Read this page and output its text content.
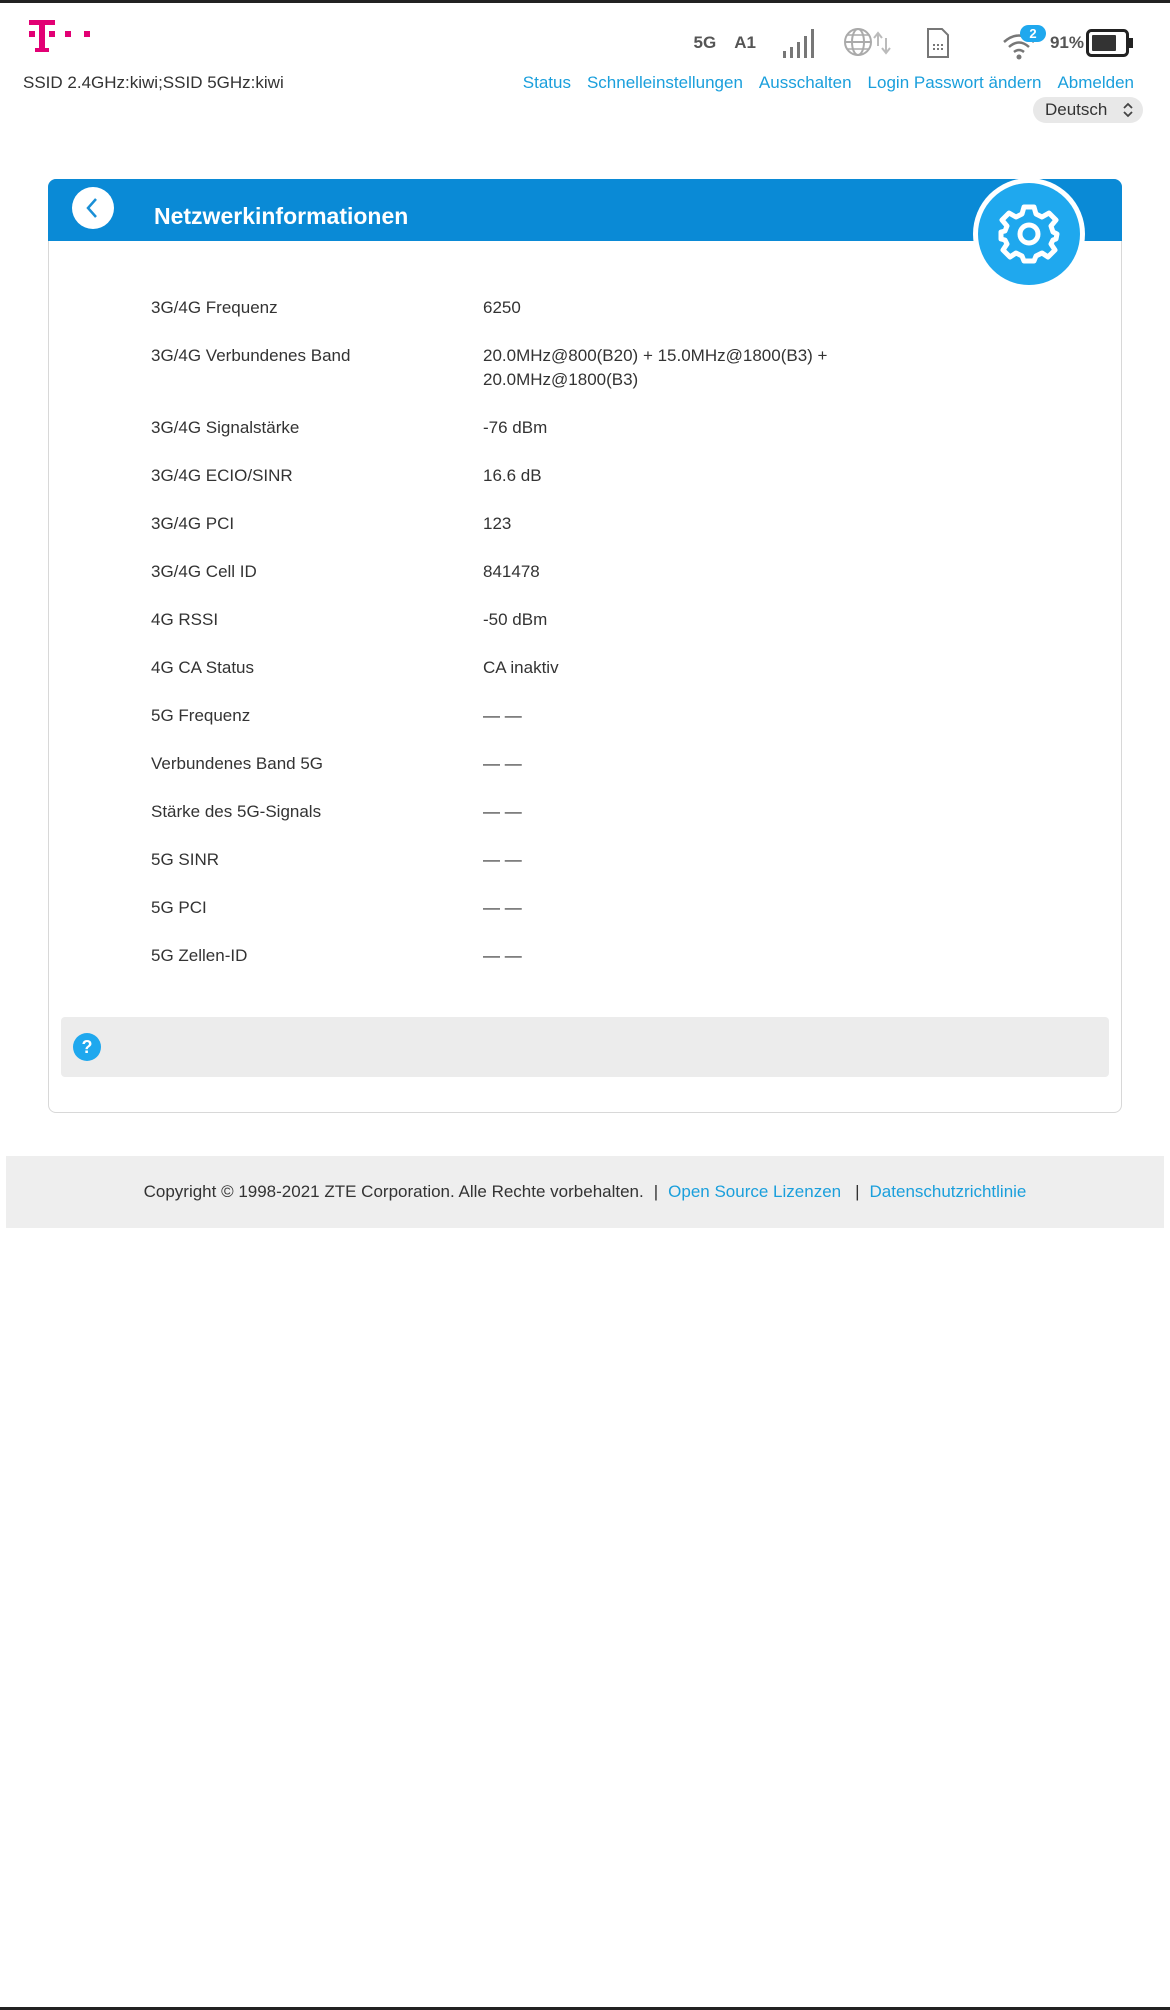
5G A1	2 91%
SSID 2.4GHz:kiwi;SSID 5GHz:kiwi	Status Schnelleinstellungen Ausschalten Login Passwort ändern Abmelden
Deutsch
Netzwerkinformationen
3G/4G Frequenz	6250
3G/4G Verbundenes Band	20.0MHz@800(B20) + 15.0MHz@1800(B3) + 20.0MHz@1800(B3)
3G/4G Signalstärke	-76 dBm
3G/4G ECIO/SINR	16.6 dB
3G/4G PCI	123
3G/4G Cell ID	841478
4G RSSI	-50 dBm
4G CA Status	CA inaktiv
5G Frequenz	— —
Verbundenes Band 5G	— —
Stärke des 5G-Signals	— —
5G SINR	— —
5G PCI	— —
5G Zellen-ID	— —
?
Copyright © 1998-2021 ZTE Corporation. Alle Rechte vorbehalten. | Open Source Lizenzen | Datenschutzrichtlinie
